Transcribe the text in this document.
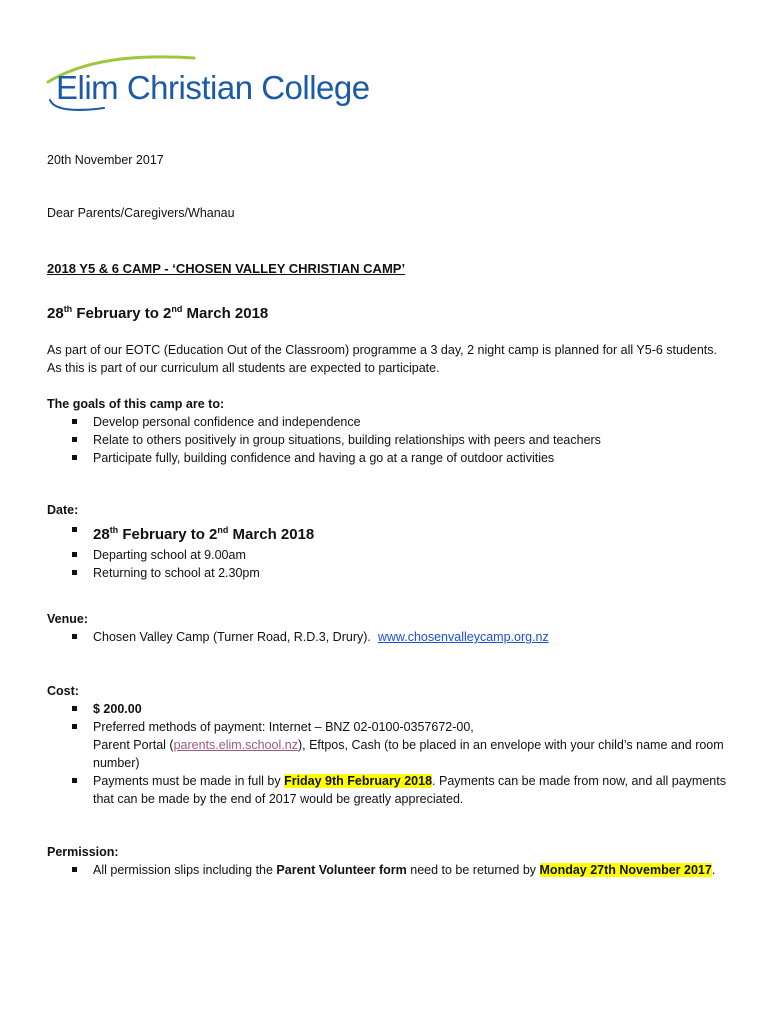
Elim Christian College
20th November 2017
Dear Parents/Caregivers/Whanau
2018 Y5 & 6 CAMP - ‘CHOSEN VALLEY CHRISTIAN CAMP’
28th February to 2nd March 2018
As part of our EOTC (Education Out of the Classroom) programme a 3 day, 2 night camp is planned for all Y5-6 students. As this is part of our curriculum all students are expected to participate.
The goals of this camp are to:
Develop personal confidence and independence
Relate to others positively in group situations, building relationships with peers and teachers
Participate fully, building confidence and having a go at a range of outdoor activities
Date:
28th February to 2nd March 2018
Departing school at 9.00am
Returning to school at 2.30pm
Venue:
Chosen Valley Camp (Turner Road, R.D.3, Drury). www.chosenvalleycamp.org.nz
Cost:
$ 200.00
Preferred methods of payment: Internet – BNZ 02-0100-0357672-00,
Parent Portal (parents.elim.school.nz), Eftpos, Cash (to be placed in an envelope with your child’s name and room number)
Payments must be made in full by Friday 9th February 2018. Payments can be made from now, and all payments that can be made by the end of 2017 would be greatly appreciated.
Permission:
All permission slips including the Parent Volunteer form need to be returned by Monday 27th November 2017.
